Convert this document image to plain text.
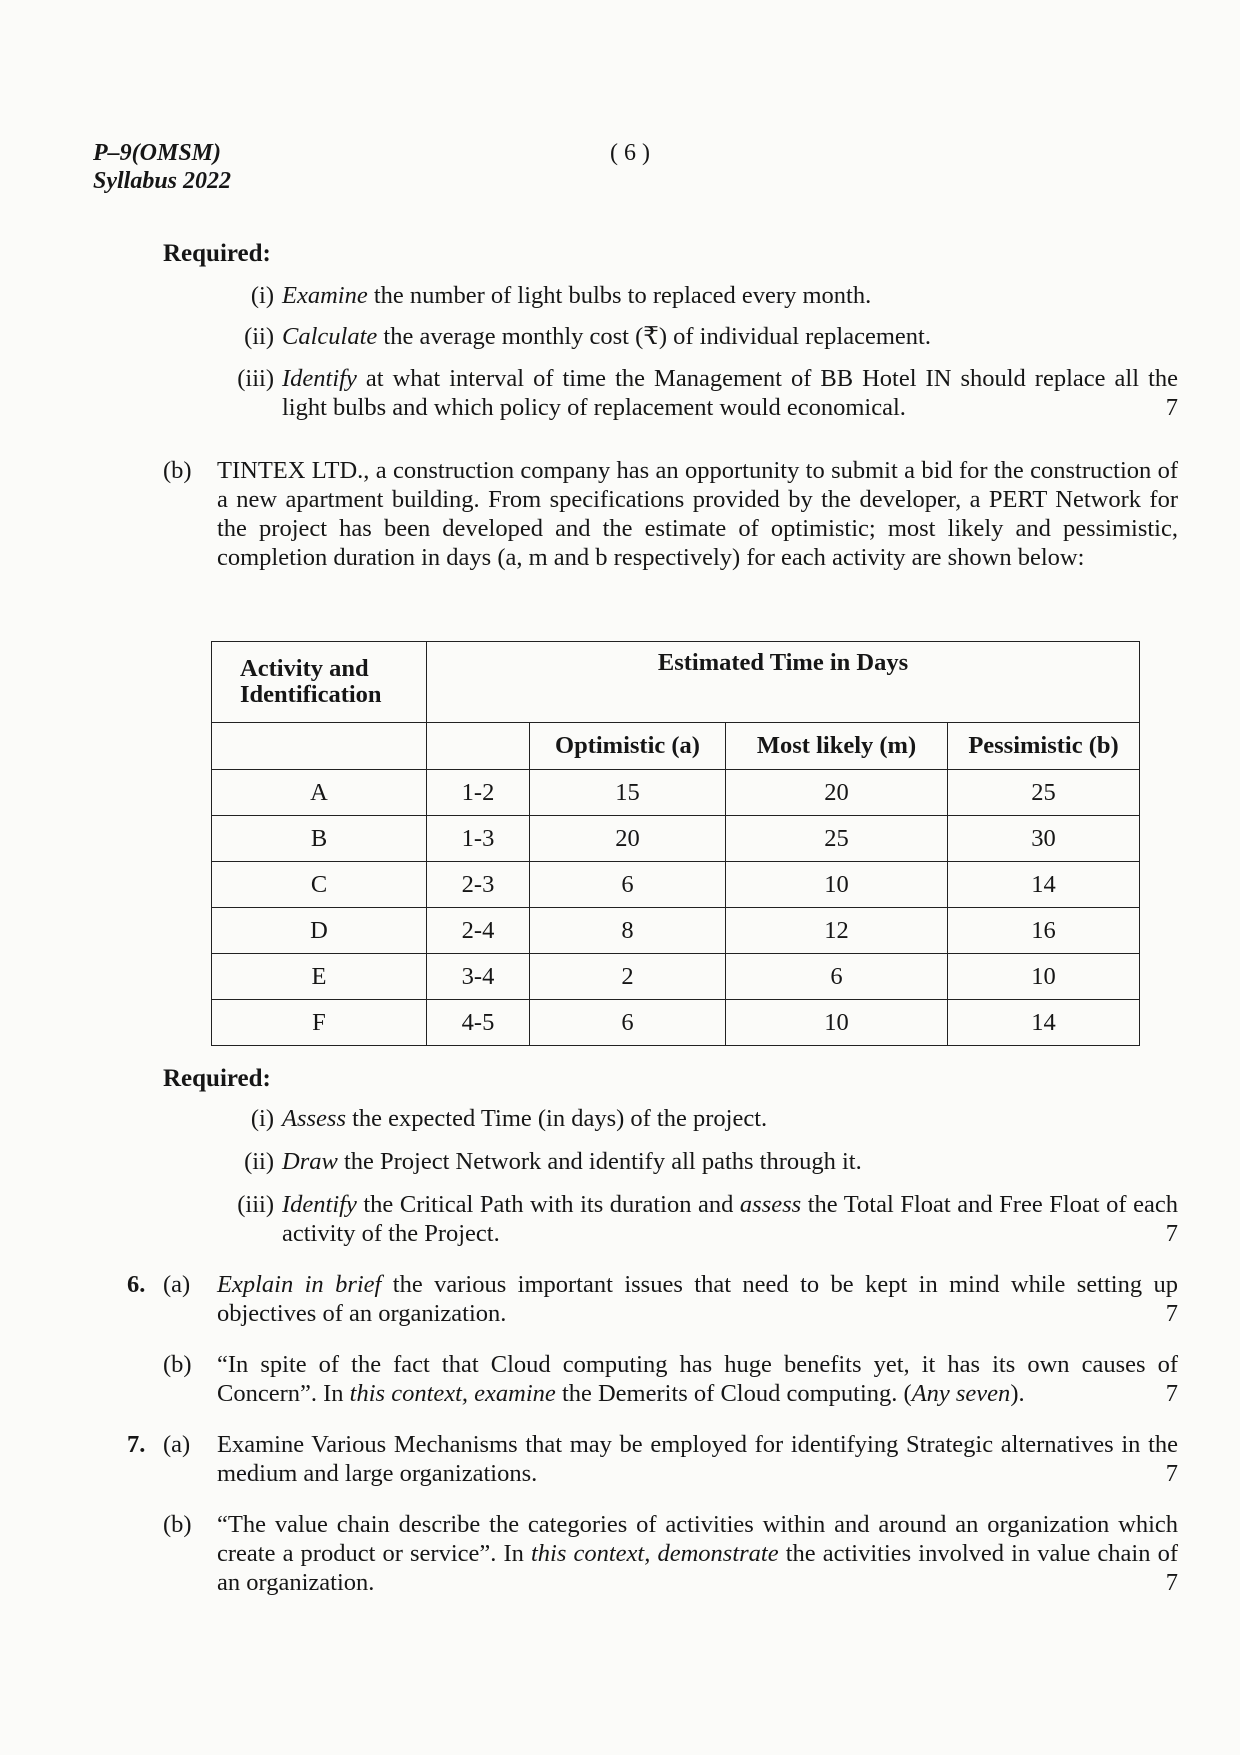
P–9(OMSM)
Syllabus 2022
( 6 )
Required:
(i) Examine the number of light bulbs to replaced every month.
(ii) Calculate the average monthly cost (₹) of individual replacement.
(iii) Identify at what interval of time the Management of BB Hotel IN should replace all the light bulbs and which policy of replacement would economical.	7
(b) TINTEX LTD., a construction company has an opportunity to submit a bid for the construction of a new apartment building. From specifications provided by the developer, a PERT Network for the project has been developed and the estimate of optimistic; most likely and pessimistic, completion duration in days (a, m and b respectively) for each activity are shown below:
Activity and Identification	Estimated Time in Days			
		Optimistic (a)	Most likely (m)	Pessimistic (b)
A	1-2	15	20	25
B	1-3	20	25	30
C	2-3	6	10	14
D	2-4	8	12	16
E	3-4	2	6	10
F	4-5	6	10	14
Required:
(i) Assess the expected Time (in days) of the project.
(ii) Draw the Project Network and identify all paths through it.
(iii) Identify the Critical Path with its duration and assess the Total Float and Free Float of each activity of the Project.	7
6. (a) Explain in brief the various important issues that need to be kept in mind while setting up objectives of an organization.	7
(b) “In spite of the fact that Cloud computing has huge benefits yet, it has its own causes of Concern”. In this context, examine the Demerits of Cloud computing. (Any seven).	7
7. (a) Examine Various Mechanisms that may be employed for identifying Strategic alternatives in the medium and large organizations.	7
(b) “The value chain describe the categories of activities within and around an organization which create a product or service”. In this context, demonstrate the activities involved in value chain of an organization.	7
